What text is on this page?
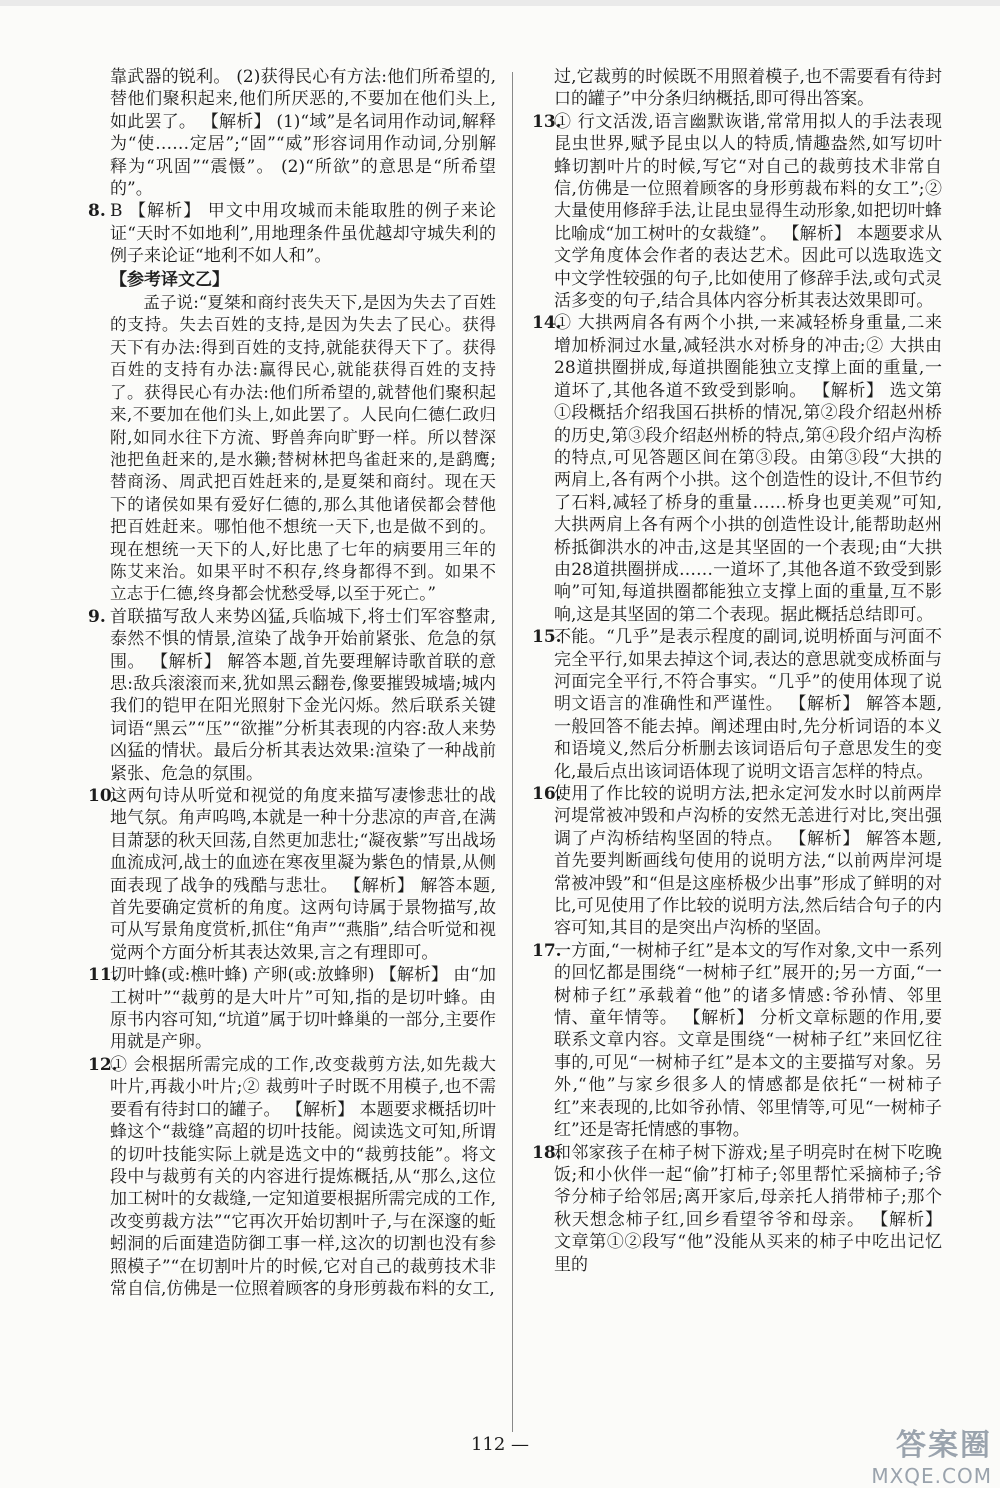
靠武器的锐利。 (2)获得民心有方法:他们所希望的,替他们聚积起来,他们所厌恶的,不要加在他们头上,如此罢了。 【解析】 (1)“域”是名词用作动词,解释为“使……定居”;“固”“威”形容词用作动词,分别解释为“巩固”“震慑”。 (2)“所欲”的意思是“所希望的”。

8. B 【解析】 甲文中用攻城而未能取胜的例子来论证“天时不如地利”,用地理条件虽优越却守城失利的例子来论证“地利不如人和”。

【参考译文乙】

孟子说:“夏桀和商纣丧失天下,是因为失去了百姓的支持。失去百姓的支持,是因为失去了民心。获得天下有办法:得到百姓的支持,就能获得天下了。获得百姓的支持有办法:赢得民心,就能获得百姓的支持了。获得民心有办法:他们所希望的,就替他们聚积起来,不要加在他们头上,如此罢了。人民向仁德仁政归附,如同水往下方流、野兽奔向旷野一样。所以替深池把鱼赶来的,是水獭;替树林把鸟雀赶来的,是鹞鹰;替商汤、周武把百姓赶来的,是夏桀和商纣。现在天下的诸侯如果有爱好仁德的,那么其他诸侯都会替他把百姓赶来。哪怕他不想统一天下,也是做不到的。现在想统一天下的人,好比患了七年的病要用三年的陈艾来治。如果平时不积存,终身都得不到。如果不立志于仁德,终身都会忧愁受辱,以至于死亡。”

9. 首联描写敌人来势凶猛,兵临城下,将士们军容整肃,泰然不惧的情景,渲染了战争开始前紧张、危急的氛围。 【解析】 解答本题,首先要理解诗歌首联的意思:敌兵滚滚而来,犹如黑云翻卷,像要摧毁城墙;城内我们的铠甲在阳光照射下金光闪烁。然后联系关键词语“黑云”“压”“欲摧”分析其表现的内容:敌人来势凶猛的情状。最后分析其表达效果:渲染了一种战前紧张、危急的氛围。

10.
这两句诗从听觉和视觉的角度来描写凄惨悲壮的战地气氛。角声呜鸣,本就是一种十分悲凉的声音,在满目萧瑟的秋天回荡,自然更加悲壮;“凝夜紫”写出战场血流成河,战士的血迹在寒夜里凝为紫色的情景,从侧面表现了战争的残酷与悲壮。 【解析】 解答本题,首先要确定赏析的角度。这两句诗属于景物描写,故可从写景角度赏析,抓住“角声”“燕脂”,结合听觉和视觉两个方面分析其表达效果,言之有理即可。

11.
切叶蜂(或:樵叶蜂) 产卵(或:放蜂卵) 【解析】 由“加工树叶”“裁剪的是大叶片”可知,指的是切叶蜂。由原书内容可知,“坑道”属于切叶蜂巢的一部分,主要作用就是产卵。

12.
① 会根据所需完成的工作,改变裁剪方法,如先裁大叶片,再裁小叶片;② 裁剪叶子时既不用模子,也不需要看有待封口的罐子。 【解析】 本题要求概括切叶蜂这个“裁缝”高超的切叶技能。阅读选文可知,所谓的切叶技能实际上就是选文中的“裁剪技能”。将文段中与裁剪有关的内容进行提炼概括,从“那么,这位加工树叶的女裁缝,一定知道要根据所需完成的工作,改变剪裁方法”“它再次开始切割叶子,与在深邃的蚯蚓洞的后面建造防御工事一样,这次的切割也没有参照模子”“在切割叶片的时候,它对自己的裁剪技术非常自信,仿佛是一位照着顾客的身形剪裁布料的女工,

过,它裁剪的时候既不用照着模子,也不需要看有待封口的罐子”中分条归纳概括,即可得出答案。

13.
① 行文活泼,语言幽默诙谐,常常用拟人的手法表现昆虫世界,赋予昆虫以人的特质,情趣盎然,如写切叶蜂切割叶片的时候,写它“对自己的裁剪技术非常自信,仿佛是一位照着顾客的身形剪裁布料的女工”;② 大量使用修辞手法,让昆虫显得生动形象,如把切叶蜂比喻成“加工树叶的女裁缝”。 【解析】 本题要求从文学角度体会作者的表达艺术。因此可以选取选文中文学性较强的句子,比如使用了修辞手法,或句式灵活多变的句子,结合具体内容分析其表达效果即可。

14.
① 大拱两肩各有两个小拱,一来减轻桥身重量,二来增加桥洞过水量,减轻洪水对桥身的冲击;② 大拱由28道拱圈拼成,每道拱圈能独立支撑上面的重量,一道坏了,其他各道不致受到影响。 【解析】 选文第①段概括介绍我国石拱桥的情况,第②段介绍赵州桥的历史,第③段介绍赵州桥的特点,第④段介绍卢沟桥的特点,可见答题区间在第③段。由第③段“大拱的两肩上,各有两个小拱。这个创造性的设计,不但节约了石料,减轻了桥身的重量……桥身也更美观”可知,大拱两肩上各有两个小拱的创造性设计,能帮助赵州桥抵御洪水的冲击,这是其坚固的一个表现;由“大拱由28道拱圈拼成……一道坏了,其他各道不致受到影响”可知,每道拱圈都能独立支撑上面的重量,互不影响,这是其坚固的第二个表现。据此概括总结即可。

15.
不能。“几乎”是表示程度的副词,说明桥面与河面不完全平行,如果去掉这个词,表达的意思就变成桥面与河面完全平行,不符合事实。“几乎”的使用体现了说明文语言的准确性和严谨性。 【解析】 解答本题,一般回答不能去掉。阐述理由时,先分析词语的本义和语境义,然后分析删去该词语后句子意思发生的变化,最后点出该词语体现了说明文语言怎样的特点。

16.
使用了作比较的说明方法,把永定河发水时以前两岸河堤常被冲毁和卢沟桥的安然无恙进行对比,突出强调了卢沟桥结构坚固的特点。 【解析】 解答本题,首先要判断画线句使用的说明方法,“以前两岸河堤常被冲毁”和“但是这座桥极少出事”形成了鲜明的对比,可见使用了作比较的说明方法,然后结合句子的内容可知,其目的是突出卢沟桥的坚固。

17.
一方面,“一树柿子红”是本文的写作对象,文中一系列的回忆都是围绕“一树柿子红”展开的;另一方面,“一树柿子红”承载着“他”的诸多情感:爷孙情、邻里情、童年情等。 【解析】 分析文章标题的作用,要联系文章内容。文章是围绕“一树柿子红”来回忆往事的,可见“一树柿子红”是本文的主要描写对象。另外,“他”与家乡很多人的情感都是依托“一树柿子红”来表现的,比如爷孙情、邻里情等,可见“一树柿子红”还是寄托情感的事物。

18.
和邻家孩子在柿子树下游戏;星子明亮时在树下吃晚饭;和小伙伴一起“偷”打柿子;邻里帮忙采摘柿子;爷爷分柿子给邻居;离开家后,母亲托人捎带柿子;那个秋天想念柿子红,回乡看望爷爷和母亲。 【解析】 文章第①②段写“他”没能从买来的柿子中吃出记忆里的

112 —	答案圈
MXQE.COM
